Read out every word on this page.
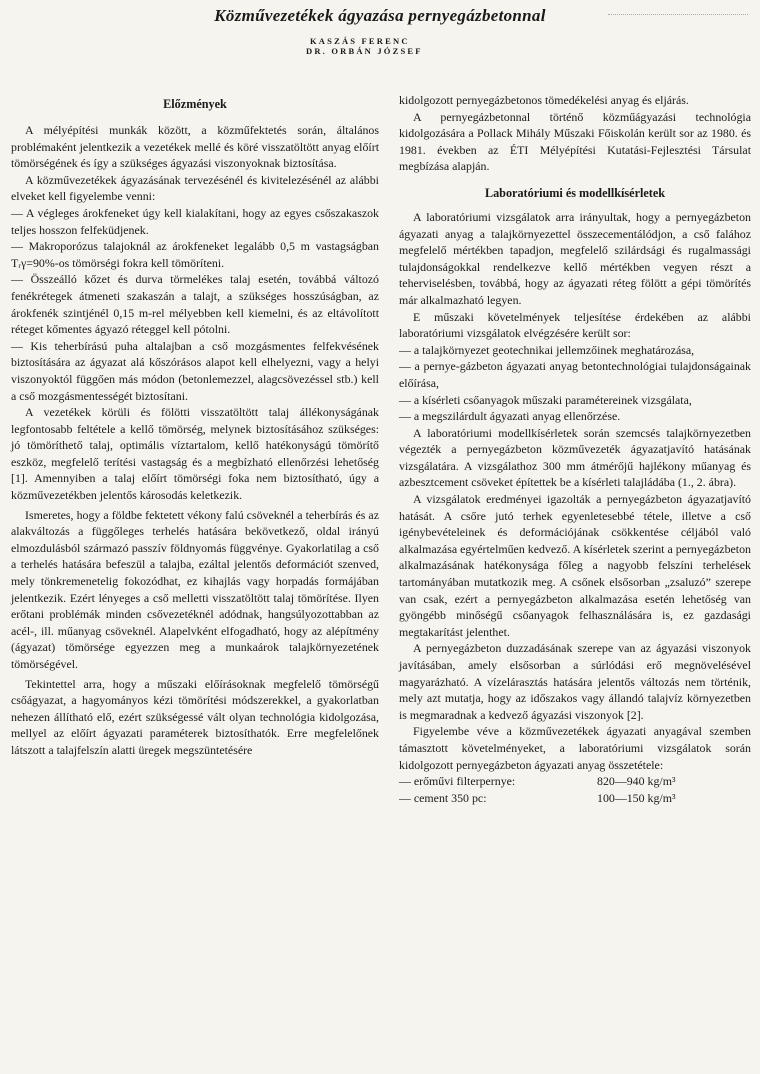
Közművezetékek ágyazása pernyegázbetonnal
KASZÁS FERENC
DR. ORBÁN JÓZSEF
Előzmények

A mélyépítési munkák között, a közműfektetés során, általános problémaként jelentkezik a vezetékek mellé és köré visszatöltött anyag előírt tömörségének és így a szükséges ágyazási viszonyoknak biztosítása.

A közművezetékek ágyazásának tervezésénél és kivitelezésénél az alábbi elveket kell figyelembe venni:

— A végleges árokfeneket úgy kell kialakítani, hogy az egyes csőszakaszok teljes hosszon felfeküdjenek.
— Makroporózus talajoknál az árokfeneket legalább 0,5 m vastagságban Tᵣγ=90%-os tömörségi fokra kell tömöríteni.
— Összeálló kőzet és durva törmelékes talaj esetén, továbbá változó fenékrétegek átmeneti szakaszán a talajt, a szükséges hosszúságban, az árokfenék szintjénél 0,15 m-rel mélyebben kell kiemelni, és az eltávolított réteget kőmentes ágyazó réteggel kell pótolni.
— Kis teherbírású puha altalajban a cső mozgásmentes felfekvésének biztosítására az ágyazat alá kőszórásos alapot kell elhelyezni, vagy a helyi viszonyoktól függően más módon (betonlemezzel, alagcsövezéssel stb.) kell a cső mozgásmentességét biztosítani.

A vezetékek körüli és fölötti visszatöltött talaj állékonyságának legfontosabb feltétele a kellő tömörség, melynek biztosításához szükséges: jó tömöríthető talaj, optimális víztartalom, kellő hatékonyságú tömörítő eszköz, megfelelő terítési vastagság és a megbízható ellenőrzési lehetőség [1]. Amennyiben a talaj előírt tömörségi foka nem biztosítható, úgy a közművezetékben jelentős károsodás keletkezik.

Ismeretes, hogy a földbe fektetett vékony falú csöveknél a teherbírás és az alakváltozás a függőleges terhelés hatására bekövetkező, oldal irányú elmozdulásból származó passzív földnyomás függvénye. Gyakorlatilag a cső a terhelés hatására befeszül a talajba, ezáltal jelentős deformációt szenved, mely tönkremenetelig fokozódhat, ez kihajlás vagy horpadás formájában jelentkezik. Ezért lényeges a cső melletti visszatöltött talaj tömörítése. Ilyen erőtani problémák minden csővezetéknél adódnak, hangsúlyozottabban az acél-, ill. műanyag csöveknél. Alapelvként elfogadható, hogy az alépítmény (ágyazat) tömörsége egyezzen meg a munkaárok talajkörnyezetének tömörségével.

Tekintettel arra, hogy a műszaki előírásoknak megfelelő tömörségű csőágyazat, a hagyományos kézi tömörítési módszerekkel, a gyakorlatban nehezen állítható elő, ezért szükségessé vált olyan technológia kidolgozása, mellyel az előírt ágyazati paraméterek biztosíthatók. Erre megfelelőnek látszott a talajfelszín alatti üregek megszüntetésére

kidolgozott pernyegázbetonos tömedékelési anyag és eljárás.

A pernyegázbetonnal történő közműágyazási technológia kidolgozására a Pollack Mihály Műszaki Főiskolán került sor az 1980. és 1981. években az ÉTI Mélyépítési Kutatási-Fejlesztési Társulat megbízása alapján.

Laboratóriumi és modellkísérletek

A laboratóriumi vizsgálatok arra irányultak, hogy a pernyegázbeton ágyazati anyag a talajkörnyezettel összecementálódjon, a cső falához megfelelő mértékben tapadjon, megfelelő szilárdsági és rugalmassági tulajdonságokkal rendelkezve kellő mértékben vegyen részt a teherviselésben, továbbá, hogy az ágyazati réteg fölött a gépi tömörítés már alkalmazható legyen.

E műszaki követelmények teljesítése érdekében az alábbi laboratóriumi vizsgálatok elvégzésére került sor:

— a talajkörnyezet geotechnikai jellemzőinek meghatározása,
— a pernye-gázbeton ágyazati anyag betontechnológiai tulajdonságainak előírása,
— a kísérleti csőanyagok műszaki paramétereinek vizsgálata,
— a megszilárdult ágyazati anyag ellenőrzése.

A laboratóriumi modellkísérletek során szemcsés talajkörnyezetben végezték a pernyegázbeton közművezeték ágyazatjavító hatásának vizsgálatára. A vizsgálathoz 300 mm átmérőjű hajlékony műanyag és azbesztcement csöveket építettek be a kísérleti talajládába (1., 2. ábra).

A vizsgálatok eredményei igazolták a pernyegázbeton ágyazatjavító hatását. A csőre jutó terhek egyenletesebbé tétele, illetve a cső igénybevételeinek és deformációjának csökkentése céljából való alkalmazása egyértelműen kedvező. A kísérletek szerint a pernyegázbeton alkalmazásának hatékonysága főleg a nagyobb felszíni terhelések tartományában mutatkozik meg. A csőnek elsősorban „zsaluzó” szerepe van csak, ezért a pernyegázbeton alkalmazása esetén lehetőség van gyöngébb minőségű csőanyagok felhasználására is, ez gazdasági megtakarítást jelenthet.

A pernyegázbeton duzzadásának szerepe van az ágyazási viszonyok javításában, amely elsősorban a súrlódási erő megnövelésével magyarázható. A vízelárasztás hatására jelentős változás nem történik, mely azt mutatja, hogy az időszakos vagy állandó talajvíz környezetben is megmaradnak a kedvező ágyazási viszonyok [2].

Figyelembe véve a közművezetékek ágyazati anyagával szemben támasztott követelményeket, a laboratóriumi vizsgálatok során kidolgozott pernyegázbeton ágyazati anyag összetétele:

— erőművi filterpernye:	820—940 kg/m³
— cement 350 pc:	100—150 kg/m³
